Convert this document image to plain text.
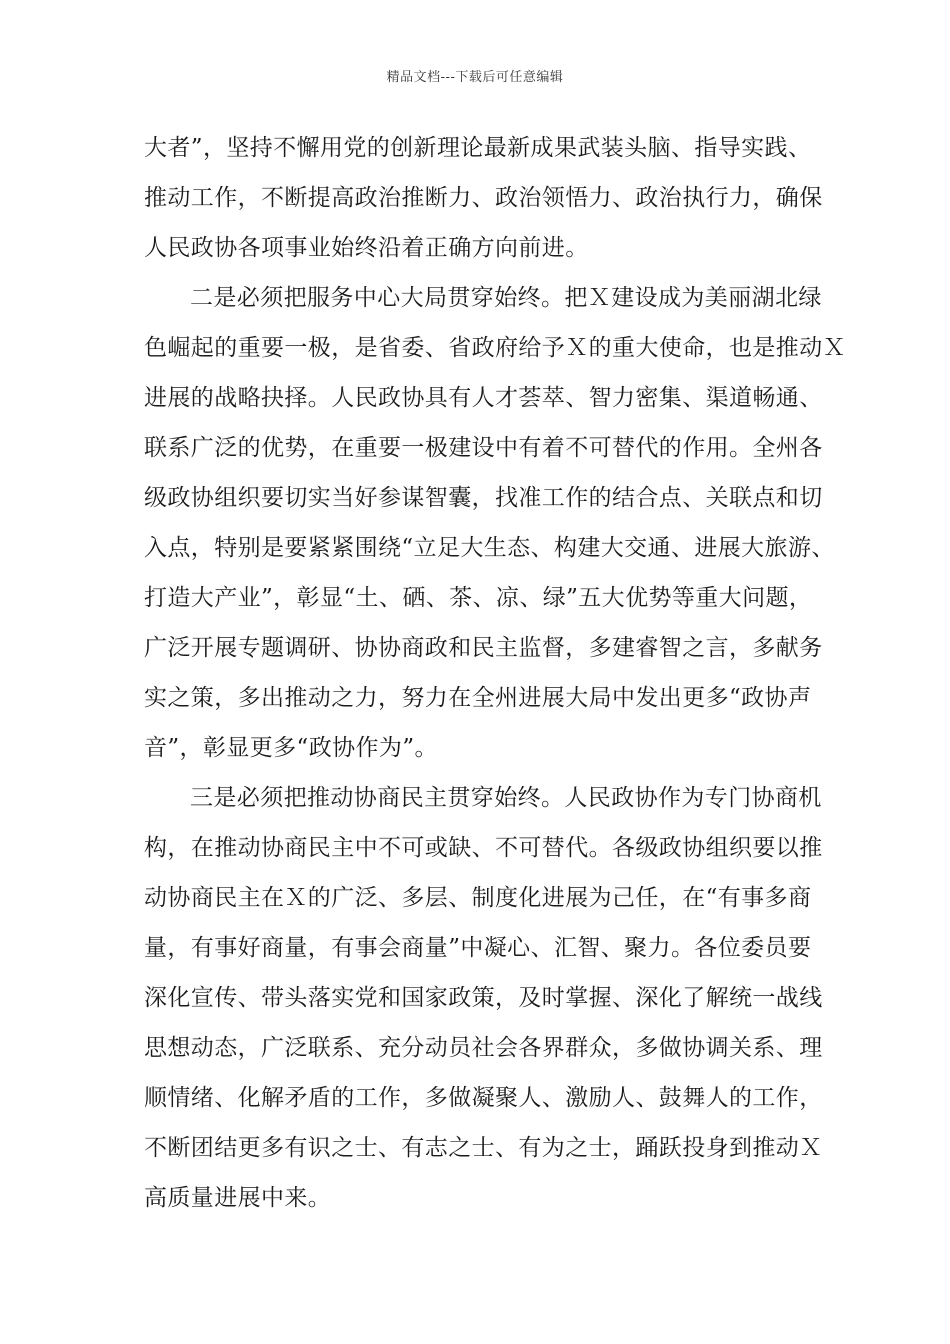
精品文档---下载后可任意编辑
大者”，坚持不懈用党的创新理论最新成果武装头脑、指导实践、
推动工作，不断提高政治推断力、政治领悟力、政治执行力，确保
人民政协各项事业始终沿着正确方向前进。
二是必须把服务中心大局贯穿始终。把Ｘ建设成为美丽湖北绿
色崛起的重要一极，是省委、省政府给予Ｘ的重大使命，也是推动Ｘ
进展的战略抉择。人民政协具有人才荟萃、智力密集、渠道畅通、
联系广泛的优势，在重要一极建设中有着不可替代的作用。全州各
级政协组织要切实当好参谋智囊，找准工作的结合点、关联点和切
入点，特别是要紧紧围绕“立足大生态、构建大交通、进展大旅游、
打造大产业”，彰显“土、硒、茶、凉、绿”五大优势等重大问题，
广泛开展专题调研、协协商政和民主监督，多建睿智之言，多献务
实之策，多出推动之力，努力在全州进展大局中发出更多“政协声
音”，彰显更多“政协作为”。
三是必须把推动协商民主贯穿始终。人民政协作为专门协商机
构，在推动协商民主中不可或缺、不可替代。各级政协组织要以推
动协商民主在Ｘ的广泛、多层、制度化进展为己任，在“有事多商
量，有事好商量，有事会商量”中凝心、汇智、聚力。各位委员要
深化宣传、带头落实党和国家政策，及时掌握、深化了解统一战线
思想动态，广泛联系、充分动员社会各界群众，多做协调关系、理
顺情绪、化解矛盾的工作，多做凝聚人、激励人、鼓舞人的工作，
不断团结更多有识之士、有志之士、有为之士，踊跃投身到推动Ｘ
高质量进展中来。
